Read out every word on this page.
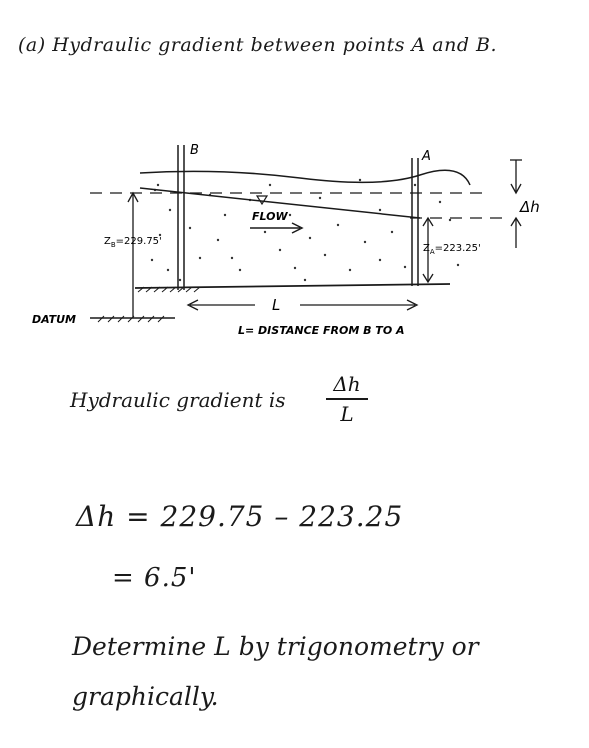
(a) Hydraulic gradient between points A and B.
B	A
FLOW
$Z_B=229.75'$
$Z_A=223.25'$
Δh
DATUM
L
L= DISTANCE FROM B TO A
Hydraulic gradient is
Δh
L
Δh = 229.75 – 223.25
= 6.5'
Determine L by trigonometry or
graphically.
